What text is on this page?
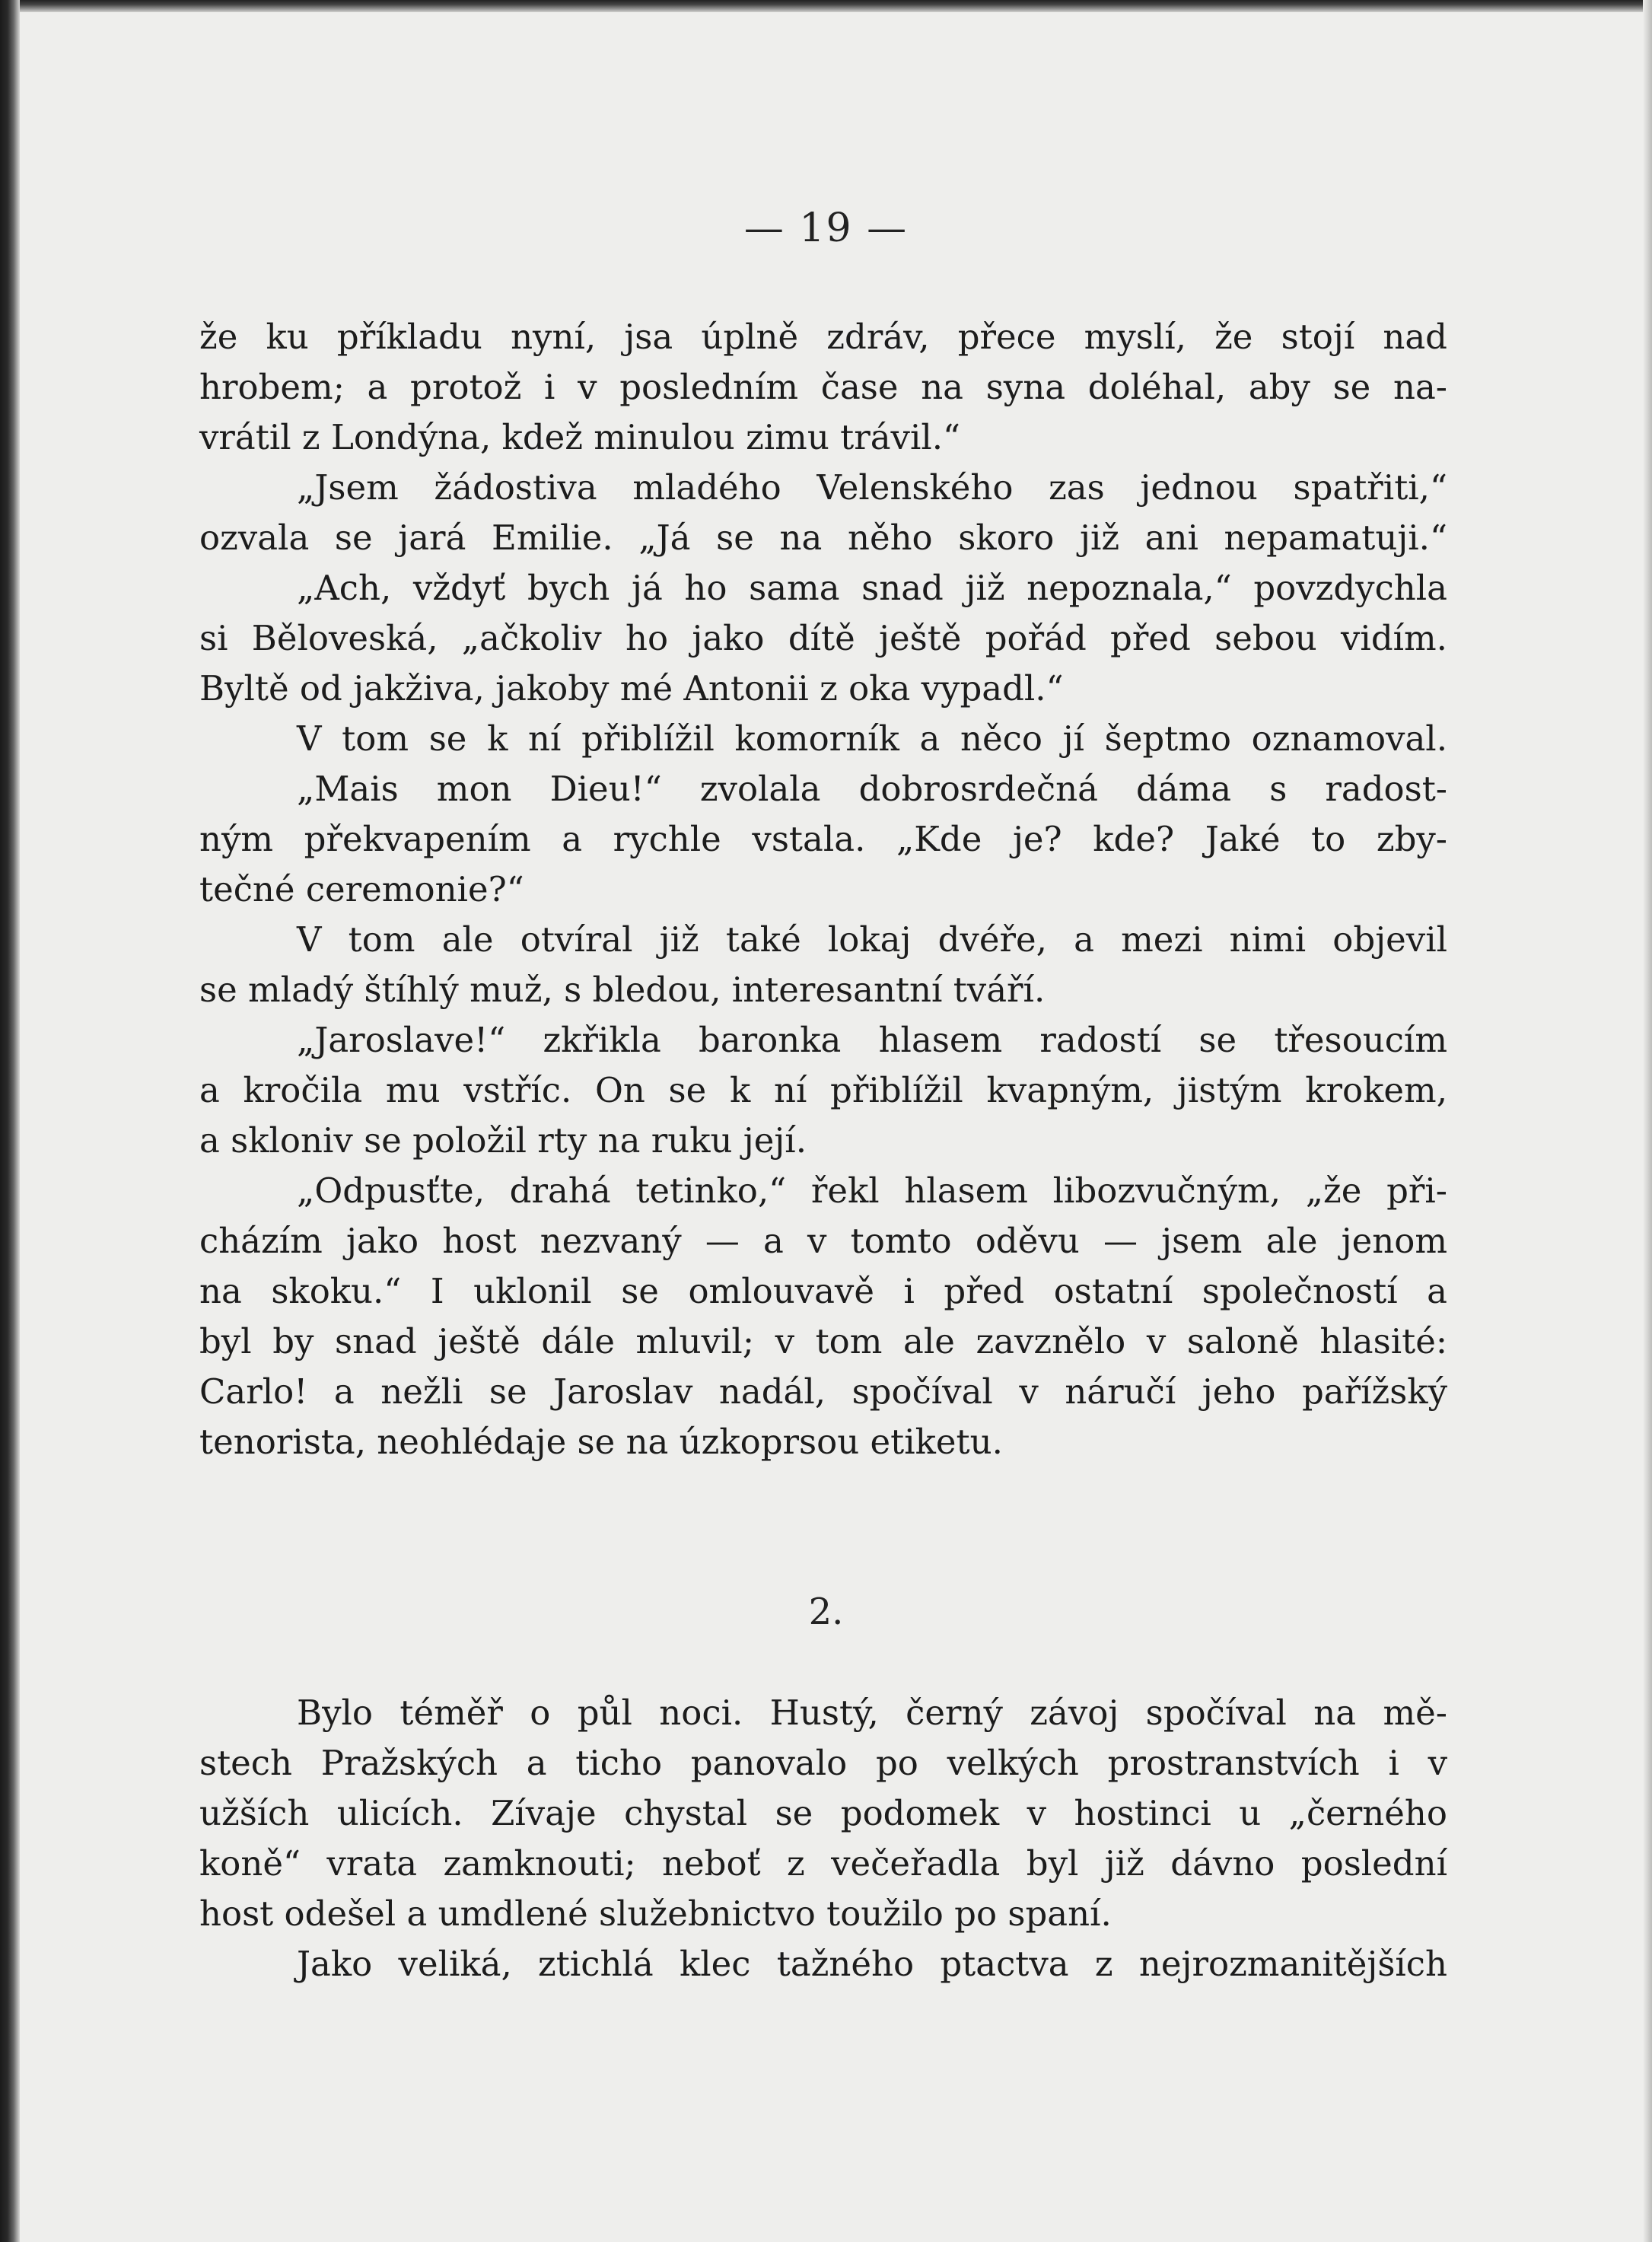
— 19 —
že ku příkladu nyní, jsa úplně zdráv, přece myslí, že stojí nad
hrobem; a protož i v posledním čase na syna doléhal, aby se na-
vrátil z Londýna, kdež minulou zimu trávil.“
„Jsem žádostiva mladého Velenského zas jednou spatřiti,“
ozvala se jará Emilie. „Já se na něho skoro již ani nepamatuji.“
„Ach, vždyť bych já ho sama snad již nepoznala,“ povzdychla
si Běloveská, „ačkoliv ho jako dítě ještě pořád před sebou vidím.
Byltě od jakživa, jakoby mé Antonii z oka vypadl.“
V tom se k ní přiblížil komorník a něco jí šeptmo oznamoval.
„Mais mon Dieu!“ zvolala dobrosrdečná dáma s radost-
ným překvapením a rychle vstala. „Kde je? kde? Jaké to zby-
tečné ceremonie?“
V tom ale otvíral již také lokaj dvéře, a mezi nimi objevil
se mladý štíhlý muž, s bledou, interesantní tváří.
„Jaroslave!“ zkřikla baronka hlasem radostí se třesoucím
a kročila mu vstříc. On se k ní přiblížil kvapným, jistým krokem,
a skloniv se položil rty na ruku její.
„Odpusťte, drahá tetinko,“ řekl hlasem libozvučným, „že při-
cházím jako host nezvaný — a v tomto oděvu — jsem ale jenom
na skoku.“ I uklonil se omlouvavě i před ostatní společností a
byl by snad ještě dále mluvil; v tom ale zavznělo v saloně hlasité:
Carlo! a nežli se Jaroslav nadál, spočíval v náručí jeho pařížský
tenorista, neohlédaje se na úzkoprsou etiketu.
2.
Bylo téměř o půl noci. Hustý, černý závoj spočíval na mě-
stech Pražských a ticho panovalo po velkých prostranstvích i v
užších ulicích. Zívaje chystal se podomek v hostinci u „černého
koně“ vrata zamknouti; neboť z večeřadla byl již dávno poslední
host odešel a umdlené služebnictvo toužilo po spaní.
Jako veliká, ztichlá klec tažného ptactva z nejrozmanitějších
